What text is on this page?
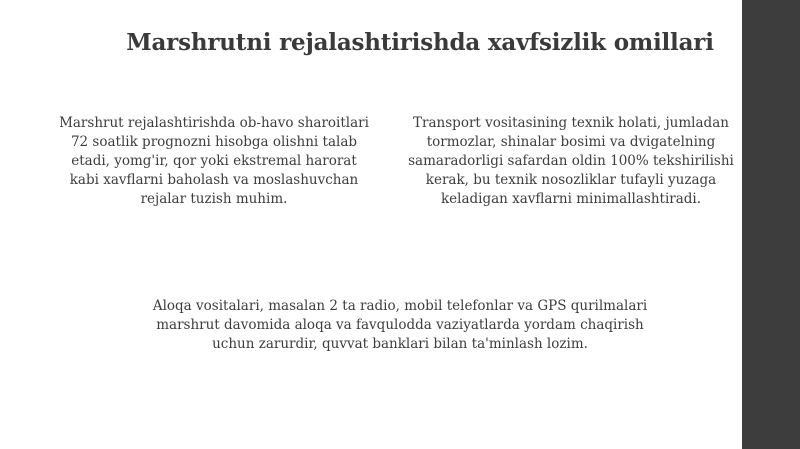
Marshrutni rejalashtirishda xavfsizlik omillari
Marshrut rejalashtirishda ob-havo sharoitlari 72 soatlik prognozni hisobga olishni talab etadi, yomg'ir, qor yoki ekstremal harorat kabi xavflarni baholash va moslashuvchan rejalar tuzish muhim.
Transport vositasining texnik holati, jumladan tormozlar, shinalar bosimi va dvigatelning samaradorligi safardan oldin 100% tekshirilishi kerak, bu texnik nosozliklar tufayli yuzaga keladigan xavflarni minimallashtiradi.
Aloqa vositalari, masalan 2 ta radio, mobil telefonlar va GPS qurilmalari marshrut davomida aloqa va favqulodda vaziyatlarda yordam chaqirish uchun zarurdir, quvvat banklari bilan ta'minlash lozim.
